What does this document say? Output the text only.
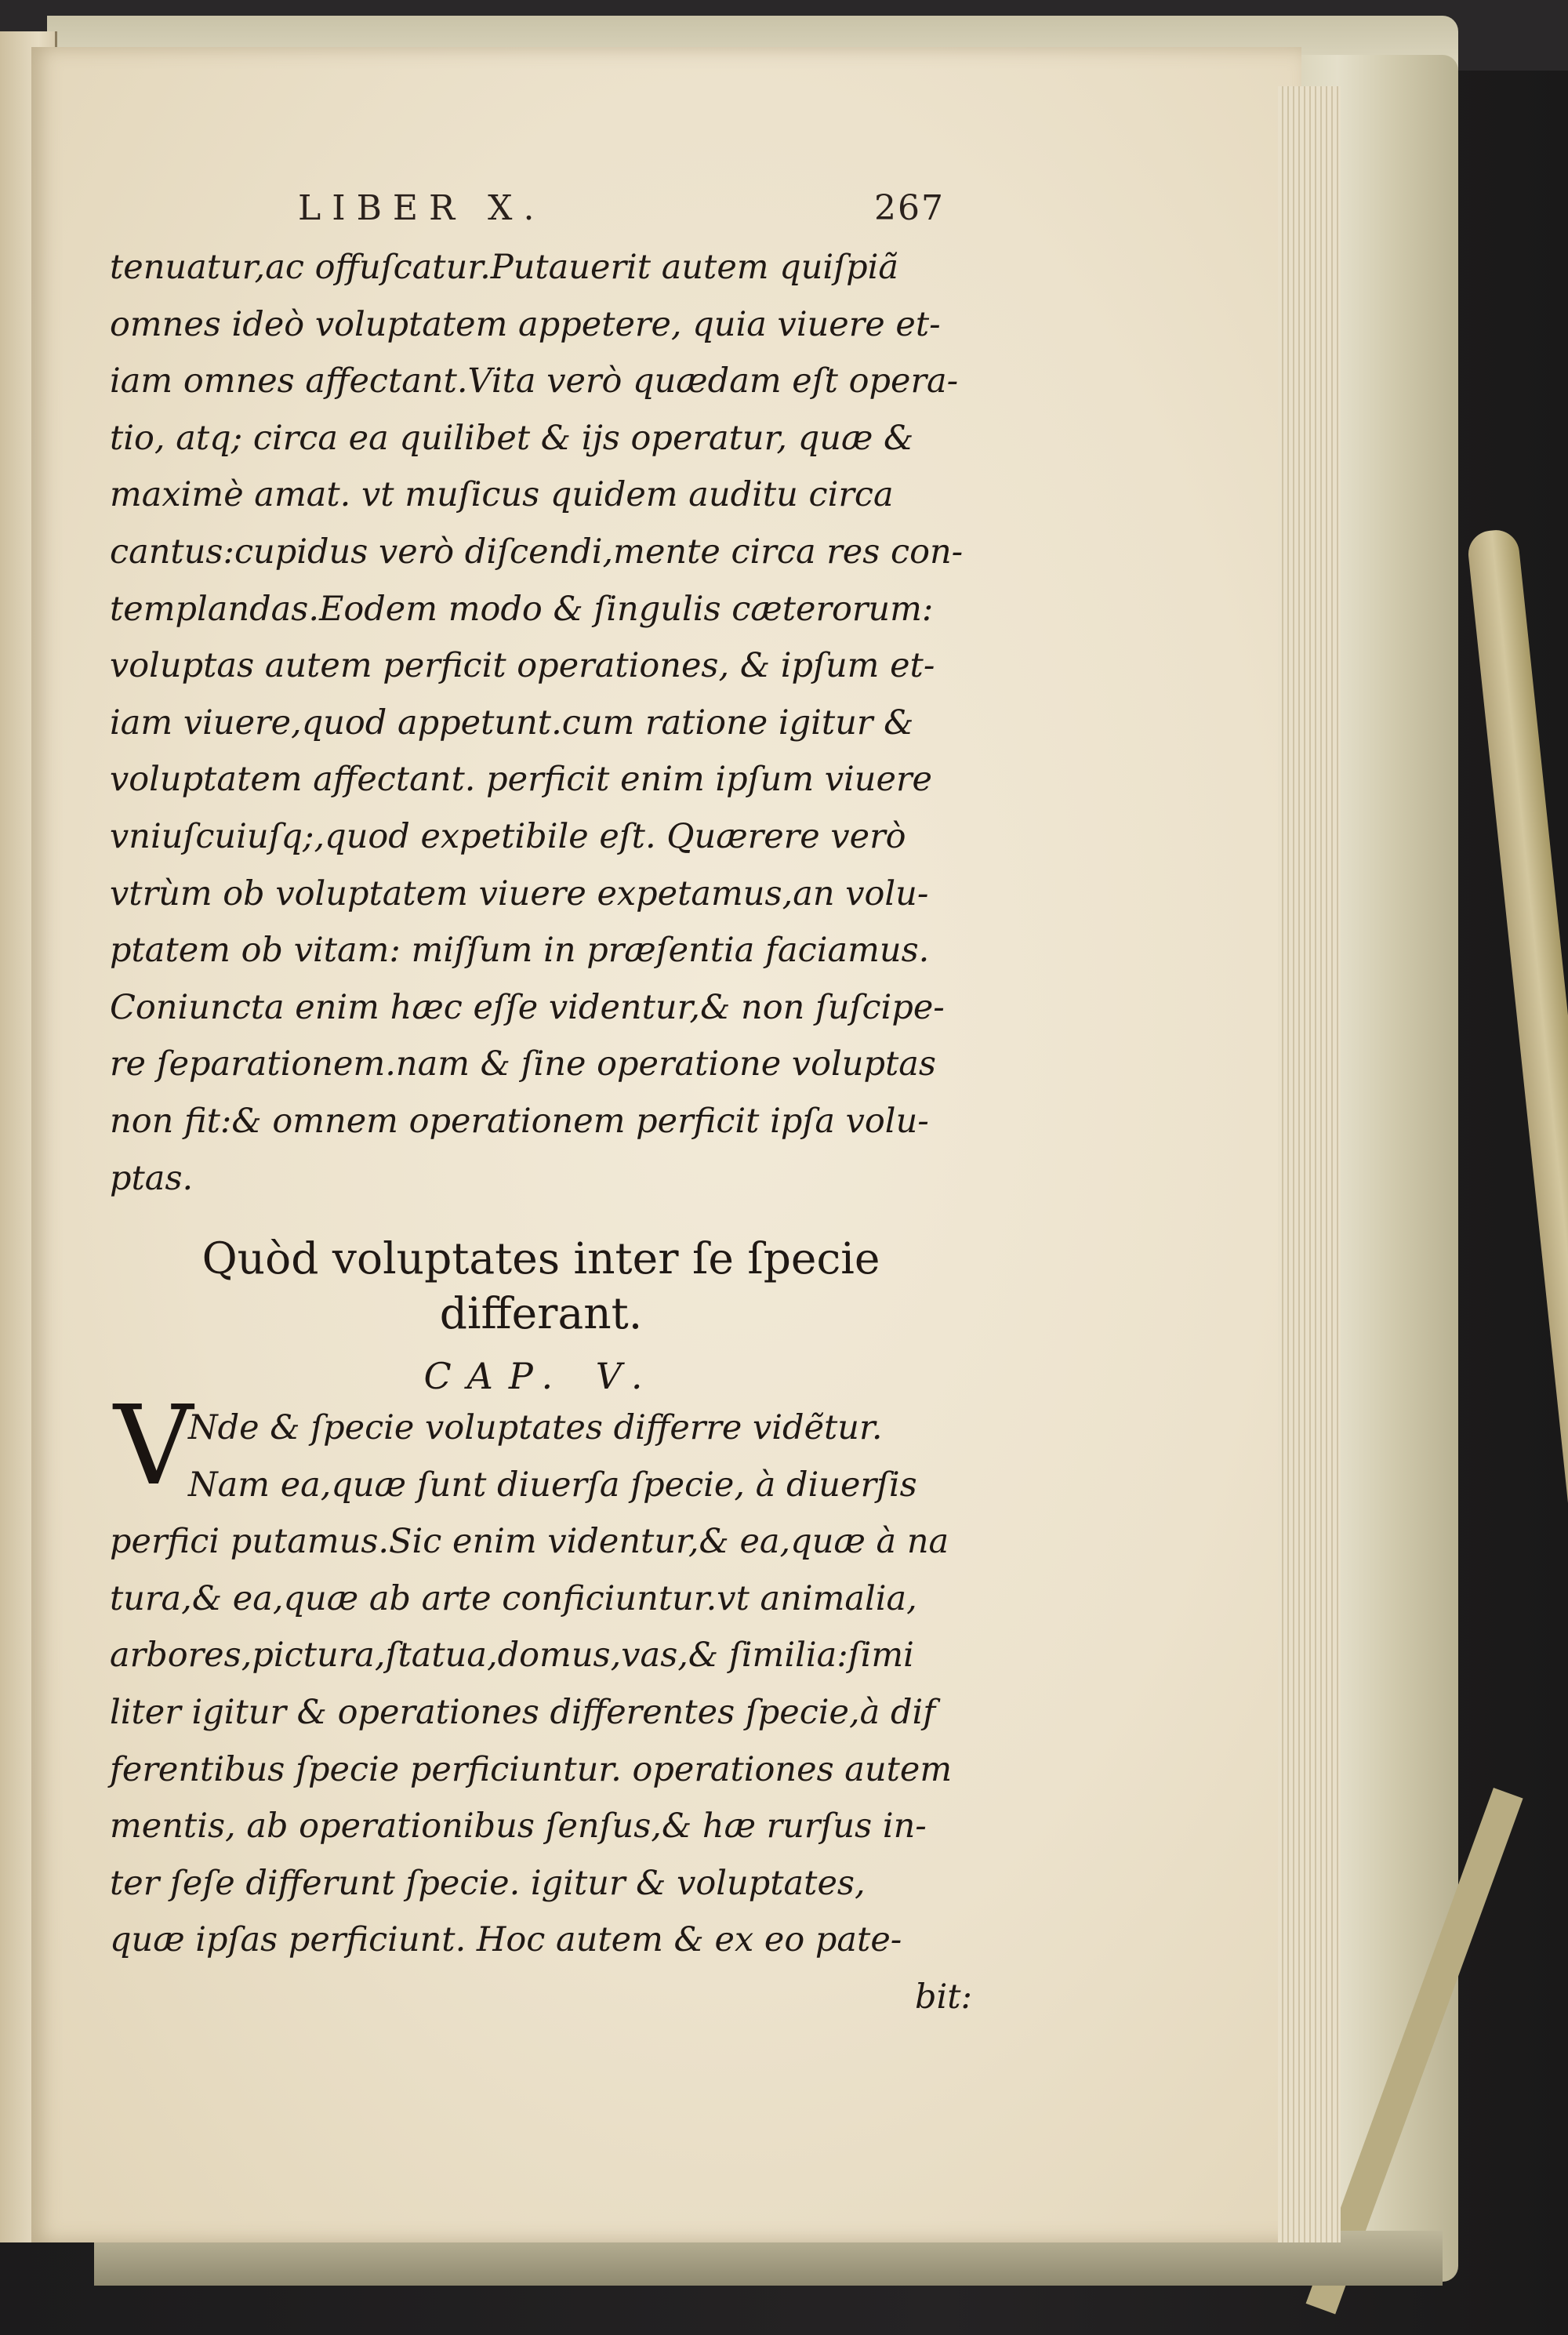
LIBER X.	267
tenuatur,ac offuſcatur.Putauerit autem quiſpiã
omnes ideò voluptatem appetere, quia viuere et-
iam omnes affectant.Vita verò quædam eſt opera-
tio, atq; circa ea quilibet & ijs operatur, quæ &
maximè amat. vt muſicus quidem auditu circa
cantus:cupidus verò diſcendi,mente circa res con-
templandas.Eodem modo & ſingulis cæterorum:
voluptas autem perficit operationes, & ipſum et-
iam viuere,quod appetunt.cum ratione igitur &
voluptatem affectant. perficit enim ipſum viuere
vniuſcuiuſq;,quod expetibile eſt. Quærere verò
vtrùm ob voluptatem viuere expetamus,an volu-
ptatem ob vitam: miſſum in præſentia faciamus.
Coniuncta enim hæc eſſe videntur,& non ſuſcipe-
re ſeparationem.nam & ſine operatione voluptas
non fit:& omnem operationem perficit ipſa volu-
ptas.
Quòd voluptates inter ſe ſpecie
differant.
CAP. V.
V
Nde & ſpecie voluptates differre vidẽtur.
Nam ea,quæ ſunt diuerſa ſpecie, à diuerſis
perfici putamus.Sic enim videntur,& ea,quæ à na
tura,& ea,quæ ab arte conficiuntur.vt animalia,
arbores,pictura,ſtatua,domus,vas,& ſimilia:ſimi
liter igitur & operationes differentes ſpecie,à dif
ferentibus ſpecie perficiuntur. operationes autem
mentis, ab operationibus ſenſus,& hæ rurſus in-
ter ſeſe differunt ſpecie. igitur & voluptates,
quæ ipſas perficiunt. Hoc autem & ex eo pate-
bit:
